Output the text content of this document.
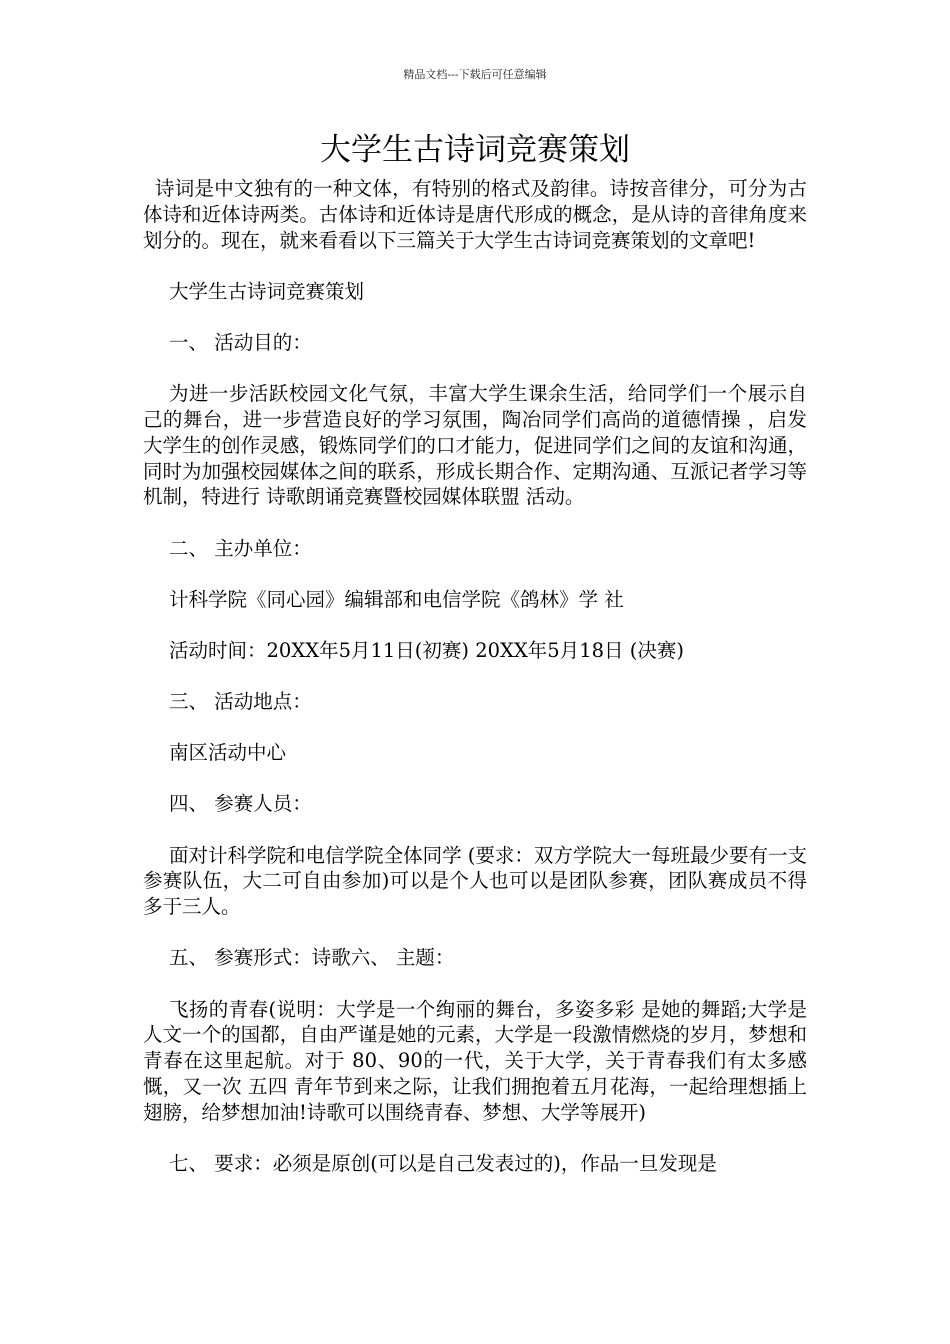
精品文档---下载后可任意编辑
大学生古诗词竞赛策划

诗词是中文独有的一种文体，有特别的格式及韵律。诗按音律分，可分为古体诗和近体诗两类。古体诗和近体诗是唐代形成的概念，是从诗的音律角度来划分的。现在，就来看看以下三篇关于大学生古诗词竞赛策划的文章吧!

大学生古诗词竞赛策划

一、 活动目的：

为进一步活跃校园文化气氛，丰富大学生课余生活，给同学们一个展示自己的舞台，进一步营造良好的学习氛围，陶冶同学们高尚的道德情操 ，启发大学生的创作灵感，锻炼同学们的口才能力，促进同学们之间的友谊和沟通，同时为加强校园媒体之间的联系，形成长期合作、定期沟通、互派记者学习等机制，特进行 诗歌朗诵竞赛暨校园媒体联盟 活动。

二、 主办单位：

计科学院《同心园》编辑部和电信学院《鸽林》学 社

活动时间：20XX年5月11日(初赛) 20XX年5月18日 (决赛)

三、 活动地点：

南区活动中心

四、 参赛人员：

面对计科学院和电信学院全体同学 (要求：双方学院大一每班最少要有一支参赛队伍，大二可自由参加)可以是个人也可以是团队参赛，团队赛成员不得多于三人。

五、 参赛形式：诗歌六、 主题：

飞扬的青春(说明：大学是一个绚丽的舞台，多姿多彩 是她的舞蹈;大学是人文一个的国都，自由严谨是她的元素，大学是一段激情燃烧的岁月，梦想和青春在这里起航。对于 80、90的一代，关于大学，关于青春我们有太多感慨，又一次 五四 青年节到来之际，让我们拥抱着五月花海，一起给理想插上翅膀，给梦想加油!诗歌可以围绕青春、梦想、大学等展开)

七、 要求：必须是原创(可以是自己发表过的)，作品一旦发现是
